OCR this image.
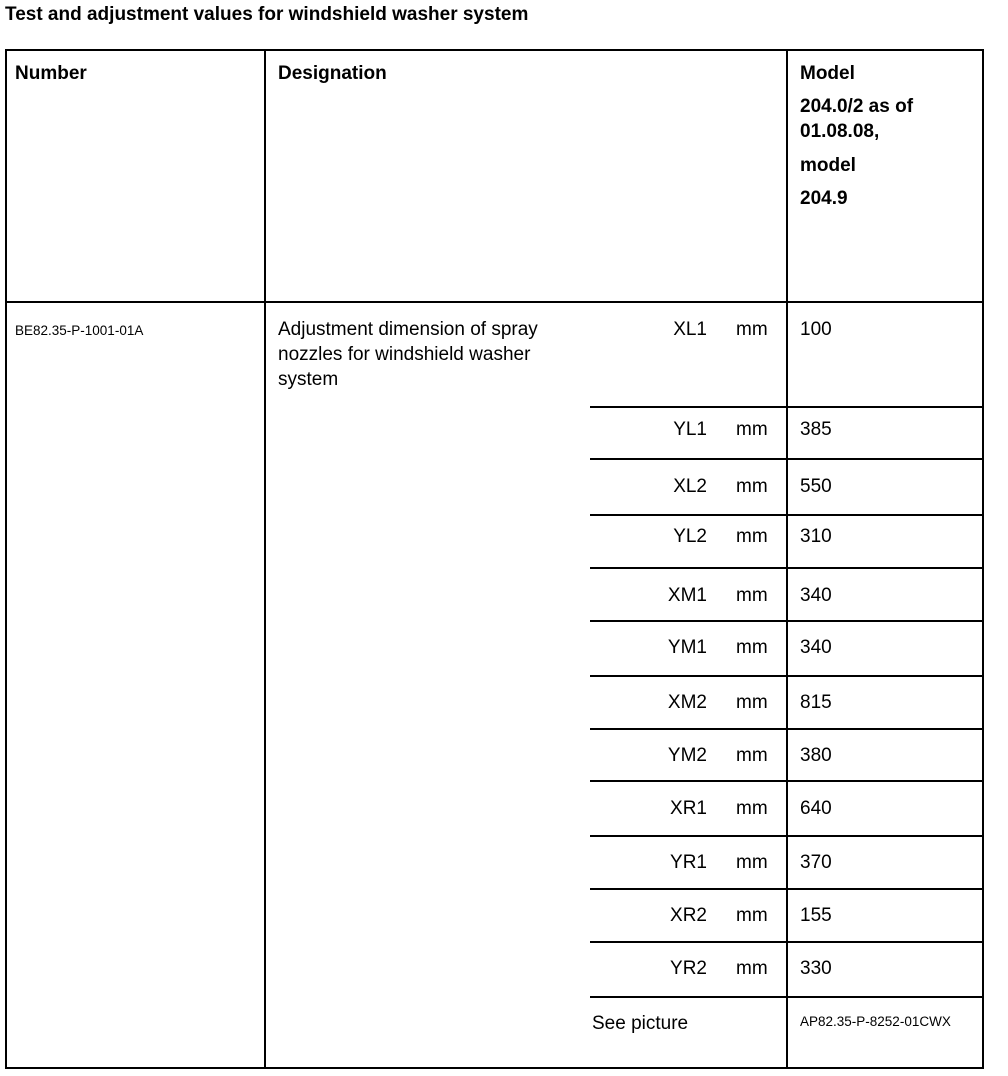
Test and adjustment values for windshield washer system
Number	Designation	Model
204.0/2 as of 01.08.08,
model
204.9
BE82.35-P-1001-01A	Adjustment dimension of spray nozzles for windshield washer system
XL1 mm 100
YL1 mm 385
XL2 mm 550
YL2 mm 310
XM1 mm 340
YM1 mm 340
XM2 mm 815
YM2 mm 380
XR1 mm 640
YR1 mm 370
XR2 mm 155
YR2 mm 330
See picture	AP82.35-P-8252-01CWX
